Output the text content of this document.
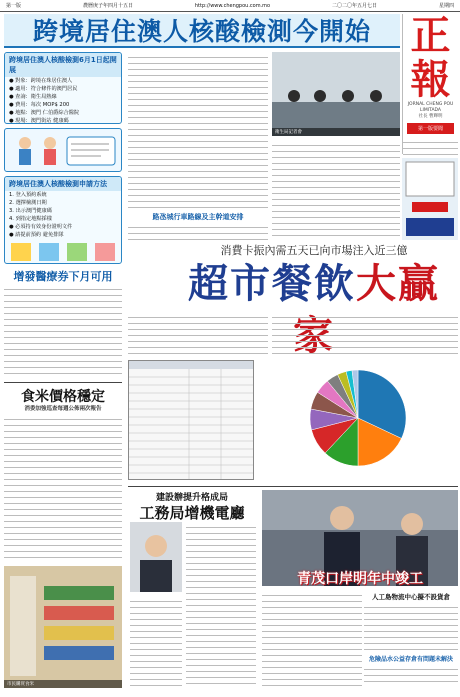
第一版	農曆庚子年四月十五日	http://www.chengpou.com.mo	二〇二〇年五月七日	星期四
跨境居住澳人核酸檢測今開始 正報
JORNAL CHENG POU LIMITADA
社長 曹輝明
第一版要聞
跨境居住澳人核酸檢測6月1日起開展
● 對象：跨境在珠居住澳人
● 適用：符合條件的澳門居民
● 查詢：衛生局熱線
● 費用：每次 MOP$ 200
● 地點：澳門 仁伯爵綜合醫院
● 現場：澳門街站 健康碼
跨境居住澳人核酸檢測申請方法
1. 登入預約系統
2. 選擇檢測日期
3. 出示澳門健康碼
4. 到指定地點採樣
● 必須持有效身份證明文件
● 請提前預約 避免排隊
路氹城行車路線及主幹道安排
衛生局記者會
增發醫療券下月可用
食米價格穩定
消委加強巡查每週公佈兩次報告
市民購買食米
消費卡振內需五天已向市場注入近三億
超市餐飲大贏家
建設辦提升格成局
工務局增機電廳
青茂口岸明年中竣工
人工島物流中心擬不設貨倉
危險品水公益存倉有問題未解決
